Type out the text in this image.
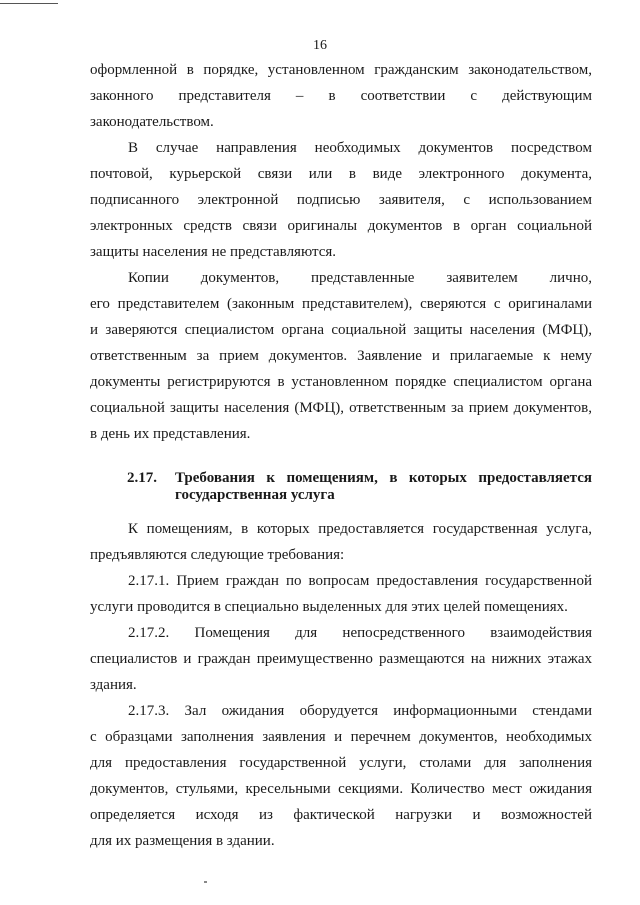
16
оформленной в порядке, установленном гражданским законодательством,
законного представителя – в соответствии с действующим
законодательством.
В случае направления необходимых документов посредством
почтовой, курьерской связи или в виде электронного документа,
подписанного электронной подписью заявителя, с использованием
электронных средств связи оригиналы документов в орган социальной
защиты населения не представляются.
Копии документов, представленные заявителем лично,
его представителем (законным представителем), сверяются с оригиналами
и заверяются специалистом органа социальной защиты населения (МФЦ),
ответственным за прием документов. Заявление и прилагаемые к нему
документы регистрируются в установленном порядке специалистом органа
социальной защиты населения (МФЦ), ответственным за прием документов,
в день их представления.
2.17. Требования к помещениям, в которых предоставляется
государственная услуга
К помещениям, в которых предоставляется государственная услуга,
предъявляются следующие требования:
2.17.1. Прием граждан по вопросам предоставления государственной
услуги проводится в специально выделенных для этих целей помещениях.
2.17.2. Помещения для непосредственного взаимодействия
специалистов и граждан преимущественно размещаются на нижних этажах
здания.
2.17.3. Зал ожидания оборудуется информационными стендами
с образцами заполнения заявления и перечнем документов, необходимых
для предоставления государственной услуги, столами для заполнения
документов, стульями, кресельными секциями. Количество мест ожидания
определяется исходя из фактической нагрузки и возможностей
для их размещения в здании.
